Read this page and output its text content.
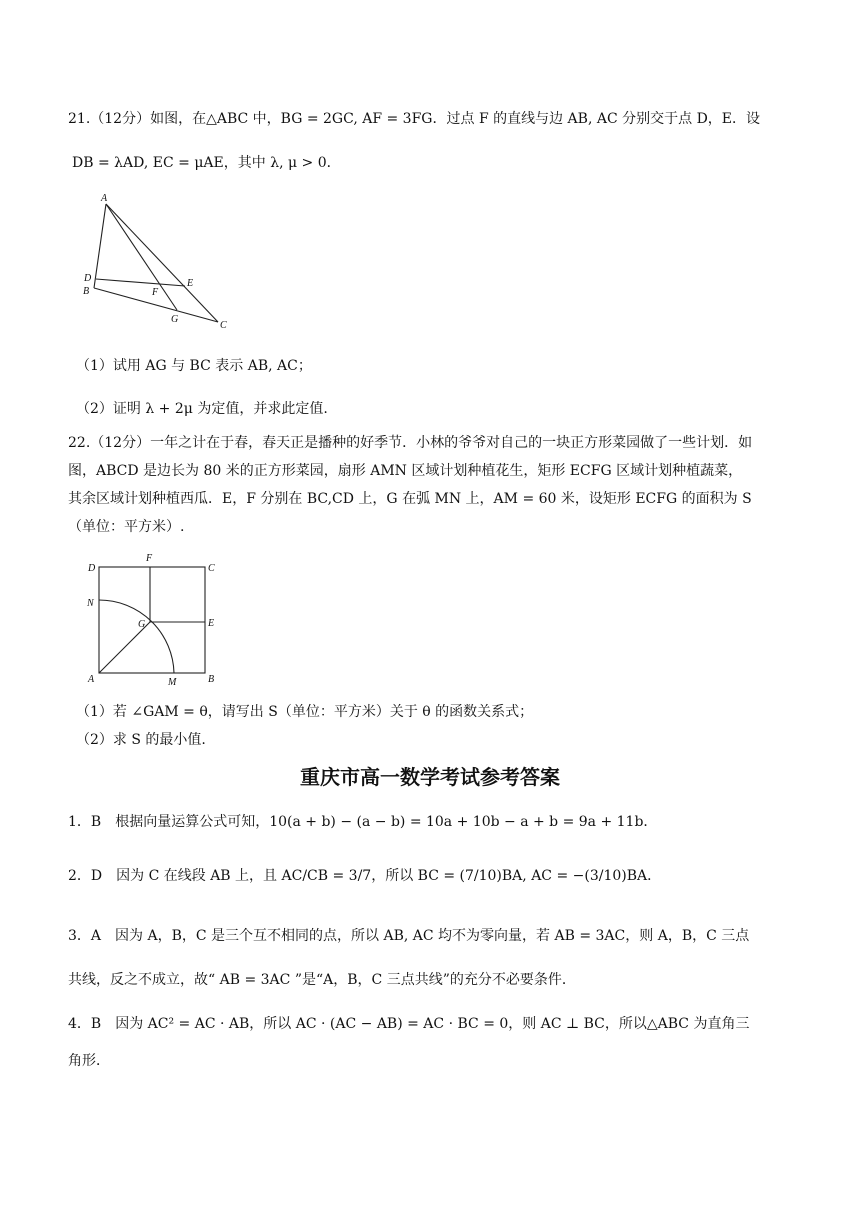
21.（12分）如图，在△ABC 中，BG = 2GC, AF = 3FG．过点 F 的直线与边 AB, AC 分别交于点 D，E．设
DB = λAD, EC = μAE，其中 λ, μ > 0．
A
D
B	F
E
G
C
（1）试用 AG 与 BC 表示 AB, AC；
（2）证明 λ + 2μ 为定值，并求此定值.
22.（12分）一年之计在于春，春天正是播种的好季节．小林的爷爷对自己的一块正方形菜园做了一些计划．如
图，ABCD 是边长为 80 米的正方形菜园，扇形 AMN 区域计划种植花生，矩形 ECFG 区域计划种植蔬菜，
其余区域计划种植西瓜．E，F 分别在 BC,CD 上，G 在弧 MN 上，AM = 60 米，设矩形 ECFG 的面积为 S
（单位：平方米）.
D
F
C
N
G	E
A	M	B
（1）若 ∠GAM = θ，请写出 S（单位：平方米）关于 θ 的函数关系式；
（2）求 S 的最小值.
重庆市高一数学考试参考答案
1．B　根据向量运算公式可知，10(a + b) − (a − b) = 10a + 10b − a + b = 9a + 11b．
2．D　因为 C 在线段 AB 上，且 AC/CB = 3/7，所以 BC = (7/10)BA, AC = −(3/10)BA．
3．A　因为 A，B，C 是三个互不相同的点，所以 AB, AC 均不为零向量，若 AB = 3AC，则 A，B，C 三点
共线，反之不成立，故“ AB = 3AC ”是“A，B，C 三点共线”的充分不必要条件．
4．B　因为 AC² = AC · AB，所以 AC · (AC − AB) = AC · BC = 0，则 AC ⊥ BC，所以△ABC 为直角三
角形．
